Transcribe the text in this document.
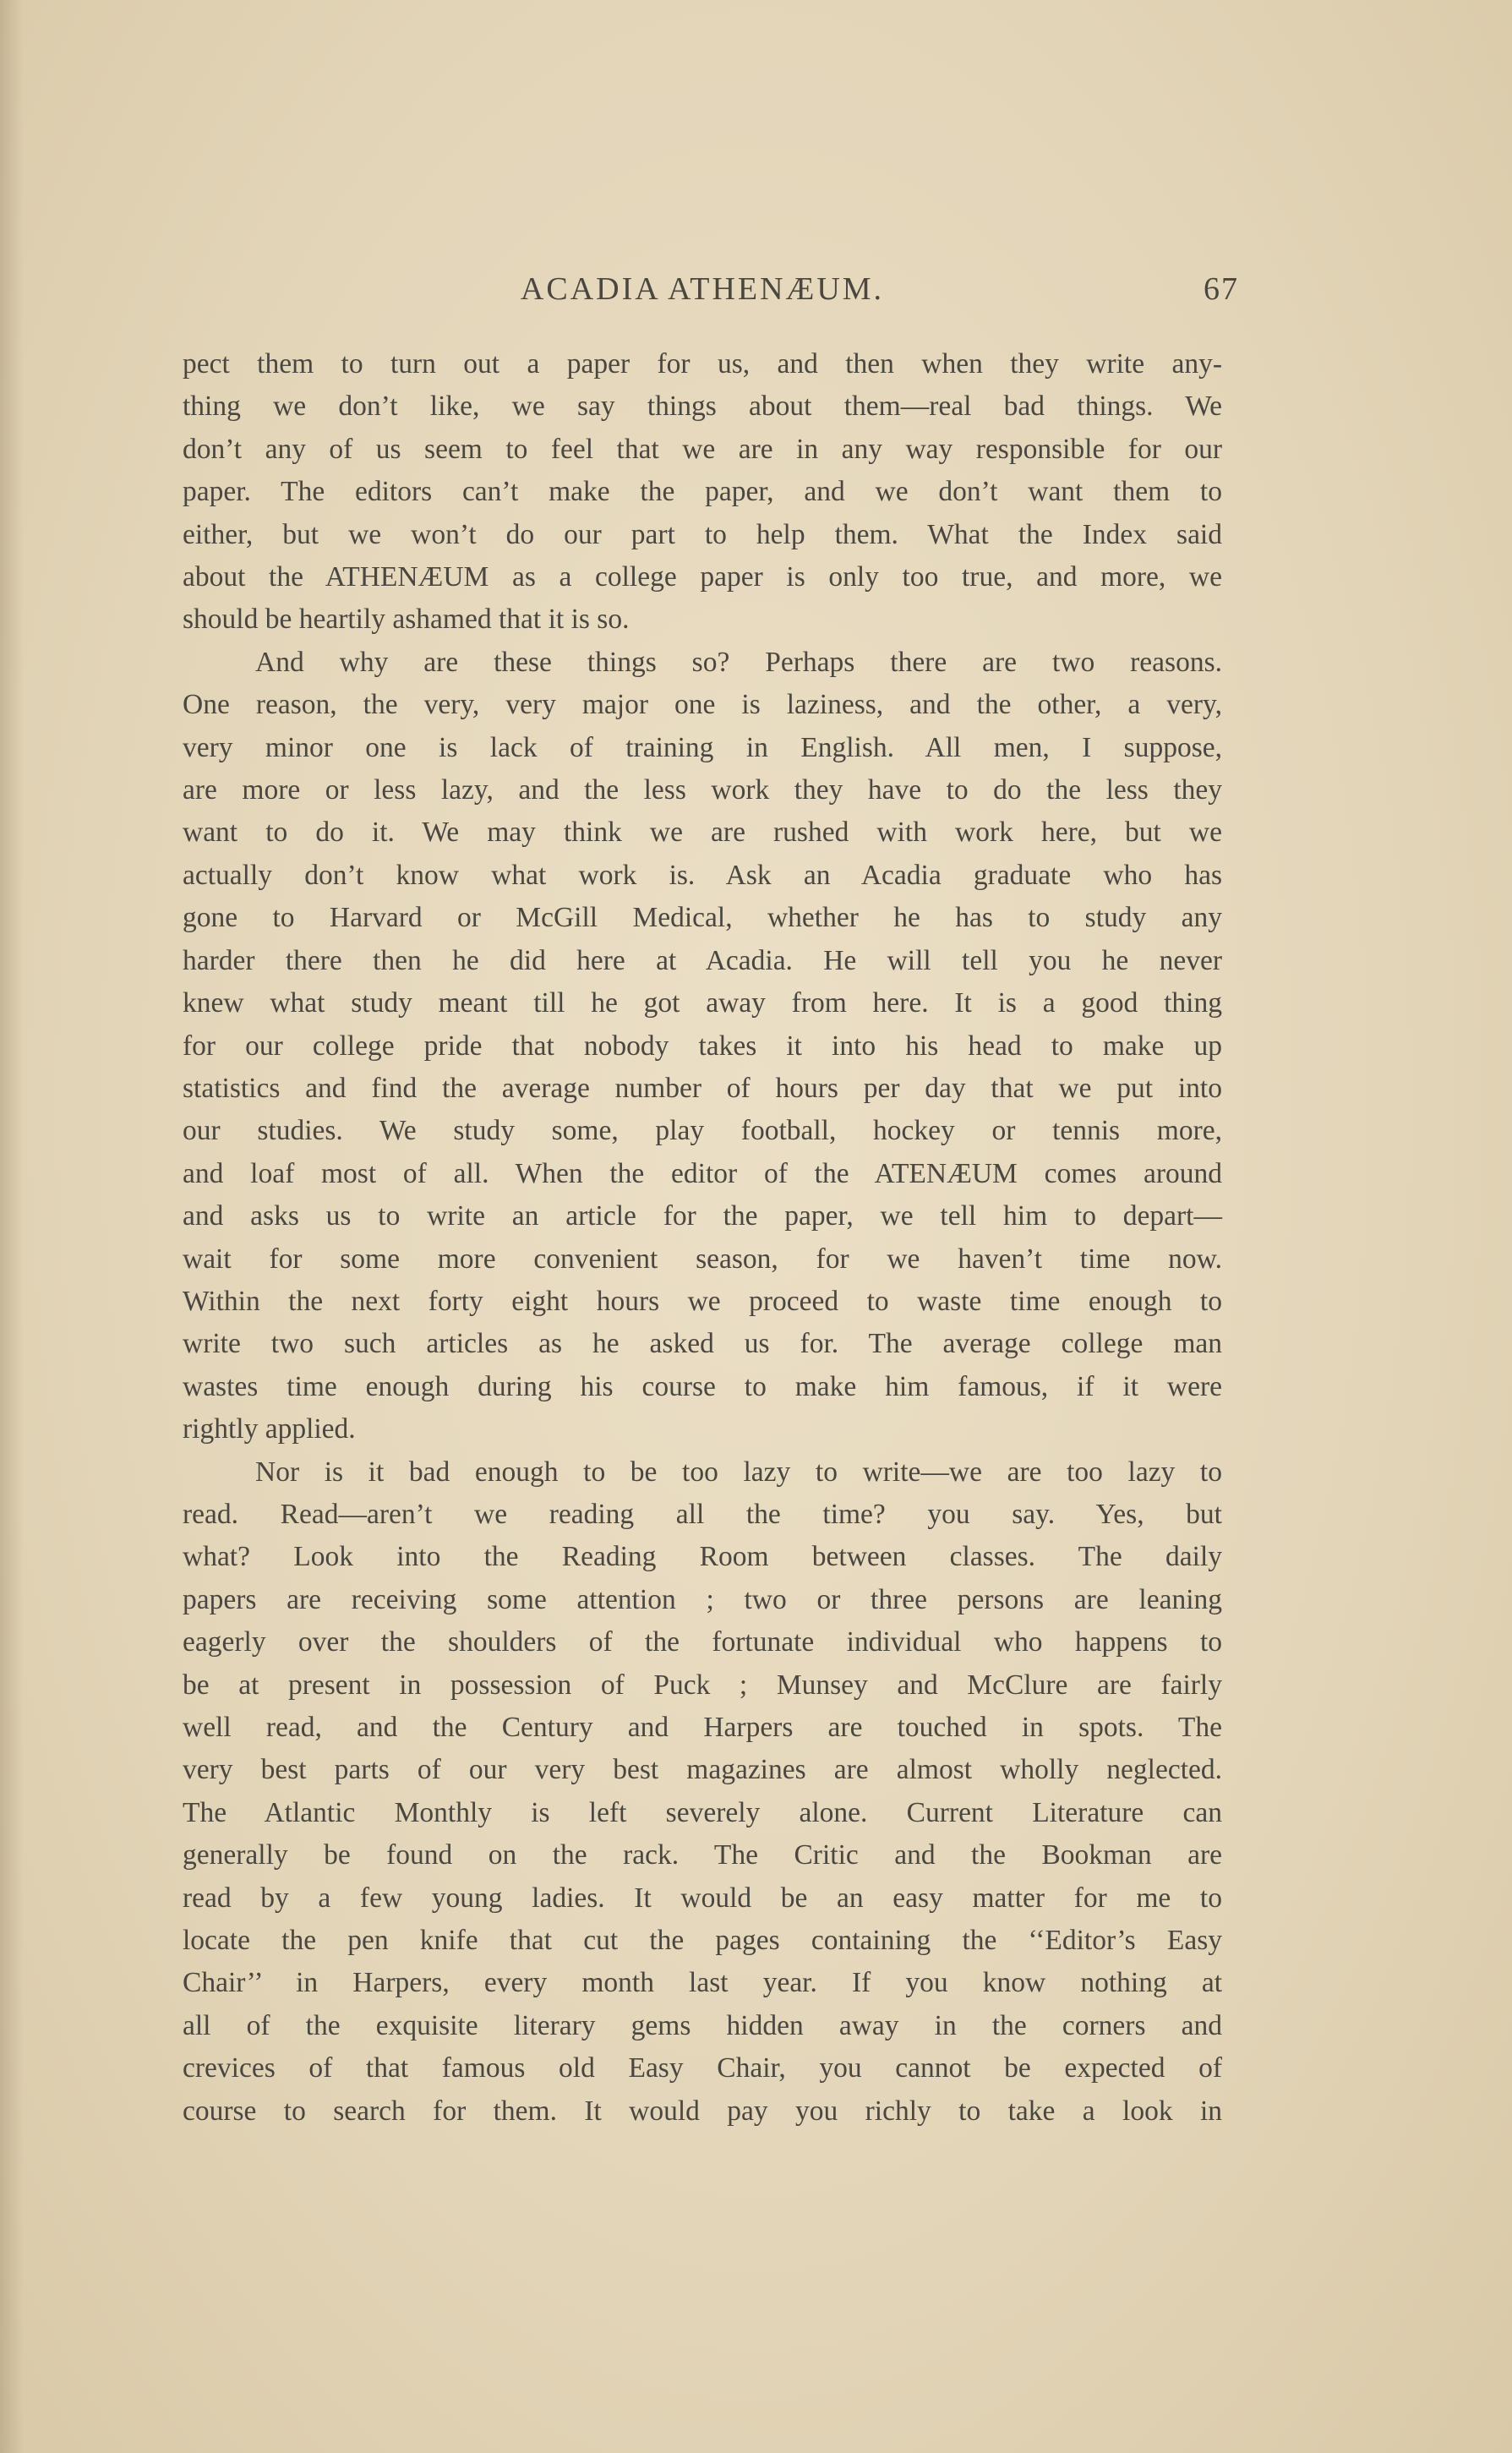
ACADIA ATHENÆUM.	67
pect them to turn out a paper for us, and then when they write any-
thing we don’t like, we say things about them—real bad things. We
don’t any of us seem to feel that we are in any way responsible for our
paper. The editors can’t make the paper, and we don’t want them to
either, but we won’t do our part to help them. What the Index said
about the ATHENÆUM as a college paper is only too true, and more, we
should be heartily ashamed that it is so.
And why are these things so? Perhaps there are two reasons.
One reason, the very, very major one is laziness, and the other, a very,
very minor one is lack of training in English. All men, I suppose,
are more or less lazy, and the less work they have to do the less they
want to do it. We may think we are rushed with work here, but we
actually don’t know what work is. Ask an Acadia graduate who has
gone to Harvard or McGill Medical, whether he has to study any
harder there then he did here at Acadia. He will tell you he never
knew what study meant till he got away from here. It is a good thing
for our college pride that nobody takes it into his head to make up
statistics and find the average number of hours per day that we put into
our studies. We study some, play football, hockey or tennis more,
and loaf most of all. When the editor of the ATENÆUM comes around
and asks us to write an article for the paper, we tell him to depart—
wait for some more convenient season, for we haven’t time now.
Within the next forty eight hours we proceed to waste time enough to
write two such articles as he asked us for. The average college man
wastes time enough during his course to make him famous, if it were
rightly applied.
Nor is it bad enough to be too lazy to write—we are too lazy to
read. Read—aren’t we reading all the time? you say. Yes, but
what? Look into the Reading Room between classes. The daily
papers are receiving some attention ; two or three persons are leaning
eagerly over the shoulders of the fortunate individual who happens to
be at present in possession of Puck ; Munsey and McClure are fairly
well read, and the Century and Harpers are touched in spots. The
very best parts of our very best magazines are almost wholly neglected.
The Atlantic Monthly is left severely alone. Current Literature can
generally be found on the rack. The Critic and the Bookman are
read by a few young ladies. It would be an easy matter for me to
locate the pen knife that cut the pages containing the ‘‘Editor’s Easy
Chair’’ in Harpers, every month last year. If you know nothing at
all of the exquisite literary gems hidden away in the corners and
crevices of that famous old Easy Chair, you cannot be expected of
course to search for them. It would pay you richly to take a look in
